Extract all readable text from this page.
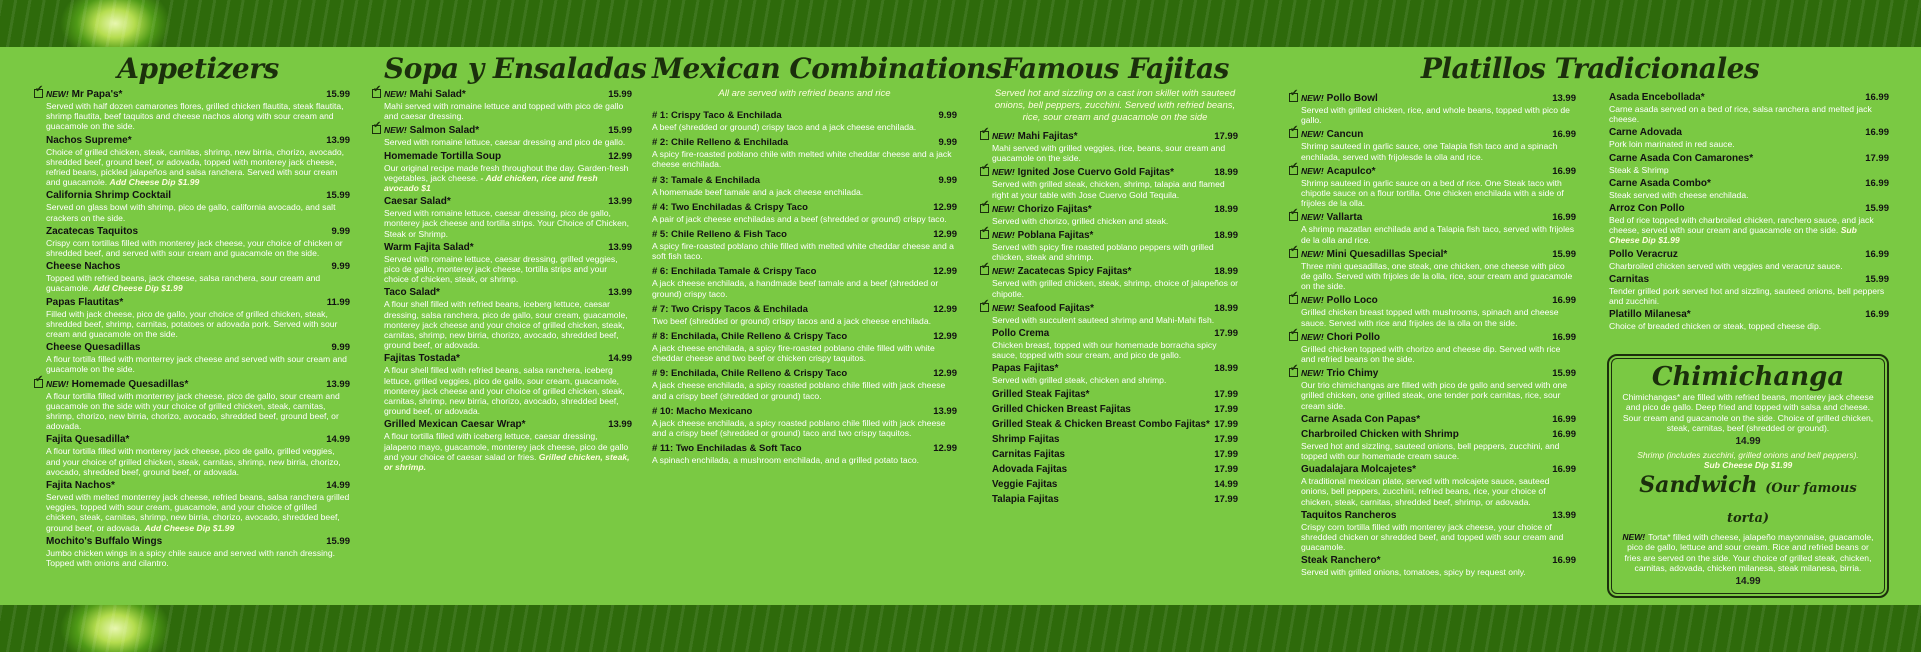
Appetizers
✔
NEW! Mr Papa's*	15.99
Served with half dozen camarones flores, grilled chicken flautita, steak flautita, shrimp flautita, beef taquitos and cheese nachos along with sour cream and guacamole on the side.
Nachos Supreme*	13.99
Choice of grilled chicken, steak, carnitas, shrimp, new birria, chorizo, avocado, shredded beef, ground beef, or adovada, topped with monterey jack cheese, refried beans, pickled jalapeños and salsa ranchera. Served with sour cream and guacamole. Add Cheese Dip $1.99
California Shrimp Cocktail	15.99
Served on glass bowl with shrimp, pico de gallo, california avocado, and salt crackers on the side.
Zacatecas Taquitos	9.99
Crispy corn tortillas filled with monterey jack cheese, your choice of chicken or shredded beef, and served with sour cream and guacamole on the side.
Cheese Nachos	9.99
Topped with refried beans, jack cheese, salsa ranchera, sour cream and guacamole. Add Cheese Dip $1.99
Papas Flautitas*	11.99
Filled with jack cheese, pico de gallo, your choice of grilled chicken, steak, shredded beef, shrimp, carnitas, potatoes or adovada pork. Served with sour cream and guacamole on the side.
Cheese Quesadillas	9.99
A flour tortilla filled with monterrey jack cheese and served with sour cream and guacamole on the side.
✔
NEW! Homemade Quesadillas*	13.99
A flour tortilla filled with monterrey jack cheese, pico de gallo, sour cream and guacamole on the side with your choice of grilled chicken, steak, carnitas, shrimp, chorizo, new birria, chorizo, avocado, shredded beef, ground beef, or adovada.
Fajita Quesadilla*	14.99
A flour tortilla filled with monterey jack cheese, pico de gallo, grilled veggies, and your choice of grilled chicken, steak, carnitas, shrimp, new birria, chorizo, avocado, shredded beef, ground beef, or adovada.
Fajita Nachos*	14.99
Served with melted monterrey jack cheese, refried beans, salsa ranchera grilled veggies, topped with sour cream, guacamole, and your choice of grilled chicken, steak, carnitas, shrimp, new birria, chorizo, avocado, shredded beef, ground beef, or adovada. Add Cheese Dip $1.99
Mochito's Buffalo Wings	15.99
Jumbo chicken wings in a spicy chile sauce and served with ranch dressing. Topped with onions and cilantro.
Sopa y Ensaladas
✔
NEW! Mahi Salad*	15.99
Mahi served with romaine lettuce and topped with pico de gallo and caesar dressing.
✔
NEW! Salmon Salad*	15.99
Served with romaine lettuce, caesar dressing and pico de gallo.
Homemade Tortilla Soup	12.99
Our original recipe made fresh throughout the day. Garden-fresh vegetables, jack cheese. - Add chicken, rice and fresh avocado $1
Caesar Salad*	13.99
Served with romaine lettuce, caesar dressing, pico de gallo, monterey jack cheese and tortilla strips. Your Choice of Chicken, Steak or Shrimp.
Warm Fajita Salad*	13.99
Served with romaine lettuce, caesar dressing, grilled veggies, pico de gallo, monterey jack cheese, tortilla strips and your choice of chicken, steak, or shrimp.
Taco Salad*	13.99
A flour shell filled with refried beans, iceberg lettuce, caesar dressing, salsa ranchera, pico de gallo, sour cream, guacamole, monterey jack cheese and your choice of grilled chicken, steak, carnitas, shrimp, new birria, chorizo, avocado, shredded beef, ground beef, or adovada.
Fajitas Tostada*	14.99
A flour shell filled with refried beans, salsa ranchera, iceberg lettuce, grilled veggies, pico de gallo, sour cream, guacamole, monterey jack cheese and your choice of grilled chicken, steak, carnitas, shrimp, new birria, chorizo, avocado, shredded beef, ground beef, or adovada.
Grilled Mexican Caesar Wrap*	13.99
A flour tortilla filled with iceberg lettuce, caesar dressing, jalapeno mayo, guacamole, monterey jack cheese, pico de gallo and your choice of caesar salad or fries. Grilled chicken, steak, or shrimp.
Mexican Combinations
All are served with refried beans and rice
# 1: Crispy Taco & Enchilada	9.99
A beef (shredded or ground) crispy taco and a jack cheese enchilada.
# 2: Chile Relleno & Enchilada	9.99
A spicy fire-roasted poblano chile with melted white cheddar cheese and a jack cheese enchilada.
# 3: Tamale & Enchilada	9.99
A homemade beef tamale and a jack cheese enchilada.
# 4: Two Enchiladas & Crispy Taco	12.99
A pair of jack cheese enchiladas and a beef (shredded or ground) crispy taco.
# 5: Chile Relleno & Fish Taco	12.99
A spicy fire-roasted poblano chile filled with melted white cheddar cheese and a soft fish taco.
# 6: Enchilada Tamale & Crispy Taco	12.99
A jack cheese enchilada, a handmade beef tamale and a beef (shredded or ground) crispy taco.
# 7: Two Crispy Tacos & Enchilada	12.99
Two beef (shredded or ground) crispy tacos and a jack cheese enchilada.
# 8: Enchilada, Chile Relleno & Crispy Taco	12.99
A jack cheese enchilada, a spicy fire-roasted poblano chile filled with white cheddar cheese and two beef or chicken crispy taquitos.
# 9: Enchilada, Chile Relleno & Crispy Taco	12.99
A jack cheese enchilada, a spicy roasted poblano chile filled with jack cheese and a crispy beef (shredded or ground) taco.
# 10: Macho Mexicano	13.99
A jack cheese enchilada, a spicy roasted poblano chile filled with jack cheese and a crispy beef (shredded or ground) taco and two crispy taquitos.
# 11: Two Enchiladas & Soft Taco	12.99
A spinach enchilada, a mushroom enchilada, and a grilled potato taco.
Famous Fajitas
Served hot and sizzling on a cast iron skillet with sauteed onions, bell peppers, zucchini. Served with refried beans, rice, sour cream and guacamole on the side
✔
NEW! Mahi Fajitas*	17.99
Mahi served with grilled veggies, rice, beans, sour cream and guacamole on the side.
✔
NEW! Ignited Jose Cuervo Gold Fajitas*	18.99
Served with grilled steak, chicken, shrimp, talapia and flamed right at your table with Jose Cuervo Gold Tequila.
✔
NEW! Chorizo Fajitas*	18.99
Served with chorizo, grilled chicken and steak.
✔
NEW! Poblana Fajitas*	18.99
Served with spicy fire roasted poblano peppers with grilled chicken, steak and shrimp.
✔
NEW! Zacatecas Spicy Fajitas*	18.99
Served with grilled chicken, steak, shrimp, choice of jalapeños or chipotle.
✔
NEW! Seafood Fajitas*	18.99
Served with succulent sauteed shrimp and Mahi-Mahi fish.
Pollo Crema	17.99
Chicken breast, topped with our homemade borracha spicy sauce, topped with sour cream, and pico de gallo.
Papas Fajitas*	18.99
Served with grilled steak, chicken and shrimp.
Grilled Steak Fajitas*	17.99
Grilled Chicken Breast Fajitas	17.99
Grilled Steak & Chicken Breast Combo Fajitas* 17.99
Shrimp Fajitas	17.99
Carnitas Fajitas	17.99
Adovada Fajitas	17.99
Veggie Fajitas	14.99
Talapia Fajitas	17.99
Platillos Tradicionales
✔
NEW! Pollo Bowl	13.99
Served with grilled chicken, rice, and whole beans, topped with pico de gallo.
✔
NEW! Cancun	16.99
Shrimp sauteed in garlic sauce, one Talapia fish taco and a spinach enchilada, served with frijolesde la olla and rice.
✔
NEW! Acapulco*	16.99
Shrimp sauteed in garlic sauce on a bed of rice. One Steak taco with chipotle sauce on a flour tortilla. One chicken enchilada with a side of frijoles de la olla.
✔
NEW! Vallarta	16.99
A shrimp mazatlan enchilada and a Talapia fish taco, served with frijoles de la olla and rice.
✔
NEW! Mini Quesadillas Special*	15.99
Three mini quesadillas, one steak, one chicken, one cheese with pico de gallo. Served with frijoles de la olla, rice, sour cream and guacamole on the side.
✔
NEW! Pollo Loco	16.99
Grilled chicken breast topped with mushrooms, spinach and cheese sauce. Served with rice and frijoles de la olla on the side.
✔
NEW! Chori Pollo	16.99
Grilled chicken topped with chorizo and cheese dip. Served with rice and refried beans on the side.
✔
NEW! Trio Chimy	15.99
Our trio chimichangas are filled with pico de gallo and served with one grilled chicken, one grilled steak, one tender pork carnitas, rice, sour cream side.
Carne Asada Con Papas*	16.99
Charbroiled Chicken with Shrimp	16.99
Served hot and sizzling, sauteed onions, bell peppers, zucchini, and topped with our homemade cream sauce.
Guadalajara Molcajetes*	16.99
A traditional mexican plate, served with molcajete sauce, sauteed onions, bell peppers, zucchini, refried beans, rice, your choice of chicken, steak, carnitas, shredded beef, shrimp, or adovada.
Taquitos Rancheros	13.99
Crispy corn tortilla filled with monterey jack cheese, your choice of shredded chicken or shredded beef, and topped with sour cream and guacamole.
Steak Ranchero*	16.99
Served with grilled onions, tomatoes, spicy by request only.
Asada Encebollada*	16.99
Carne asada served on a bed of rice, salsa ranchera and melted jack cheese.
Carne Adovada	16.99
Pork loin marinated in red sauce.
Carne Asada Con Camarones*	17.99
Steak & Shrimp
Carne Asada Combo*	16.99
Steak served with cheese enchilada.
Arroz Con Pollo	15.99
Bed of rice topped with charbroiled chicken, ranchero sauce, and jack cheese, served with sour cream and guacamole on the side. Sub Cheese Dip $1.99
Pollo Veracruz	16.99
Charbroiled chicken served with veggies and veracruz sauce.
Carnitas	15.99
Tender grilled pork served hot and sizzling, sauteed onions, bell peppers and zucchini.
Platillo Milanesa*	16.99
Choice of breaded chicken or steak, topped cheese dip.
Chimichanga
Chimichangas* are filled with refried beans, monterey jack cheese and pico de gallo. Deep fried and topped with salsa and cheese. Sour cream and guacamole on the side. Choice of grilled chicken, steak, carnitas, beef (shredded or ground).
14.99
Shrimp (includes zucchini, grilled onions and bell peppers).
Sub Cheese Dip $1.99
Sandwich (Our famous torta)
NEW! Torta* filled with cheese, jalapeño mayonnaise, guacamole, pico de gallo, lettuce and sour cream. Rice and refried beans or fries are served on the side. Your choice of grilled steak, chicken, carnitas, adovada, chicken milanesa, steak milanesa, birria.
14.99
